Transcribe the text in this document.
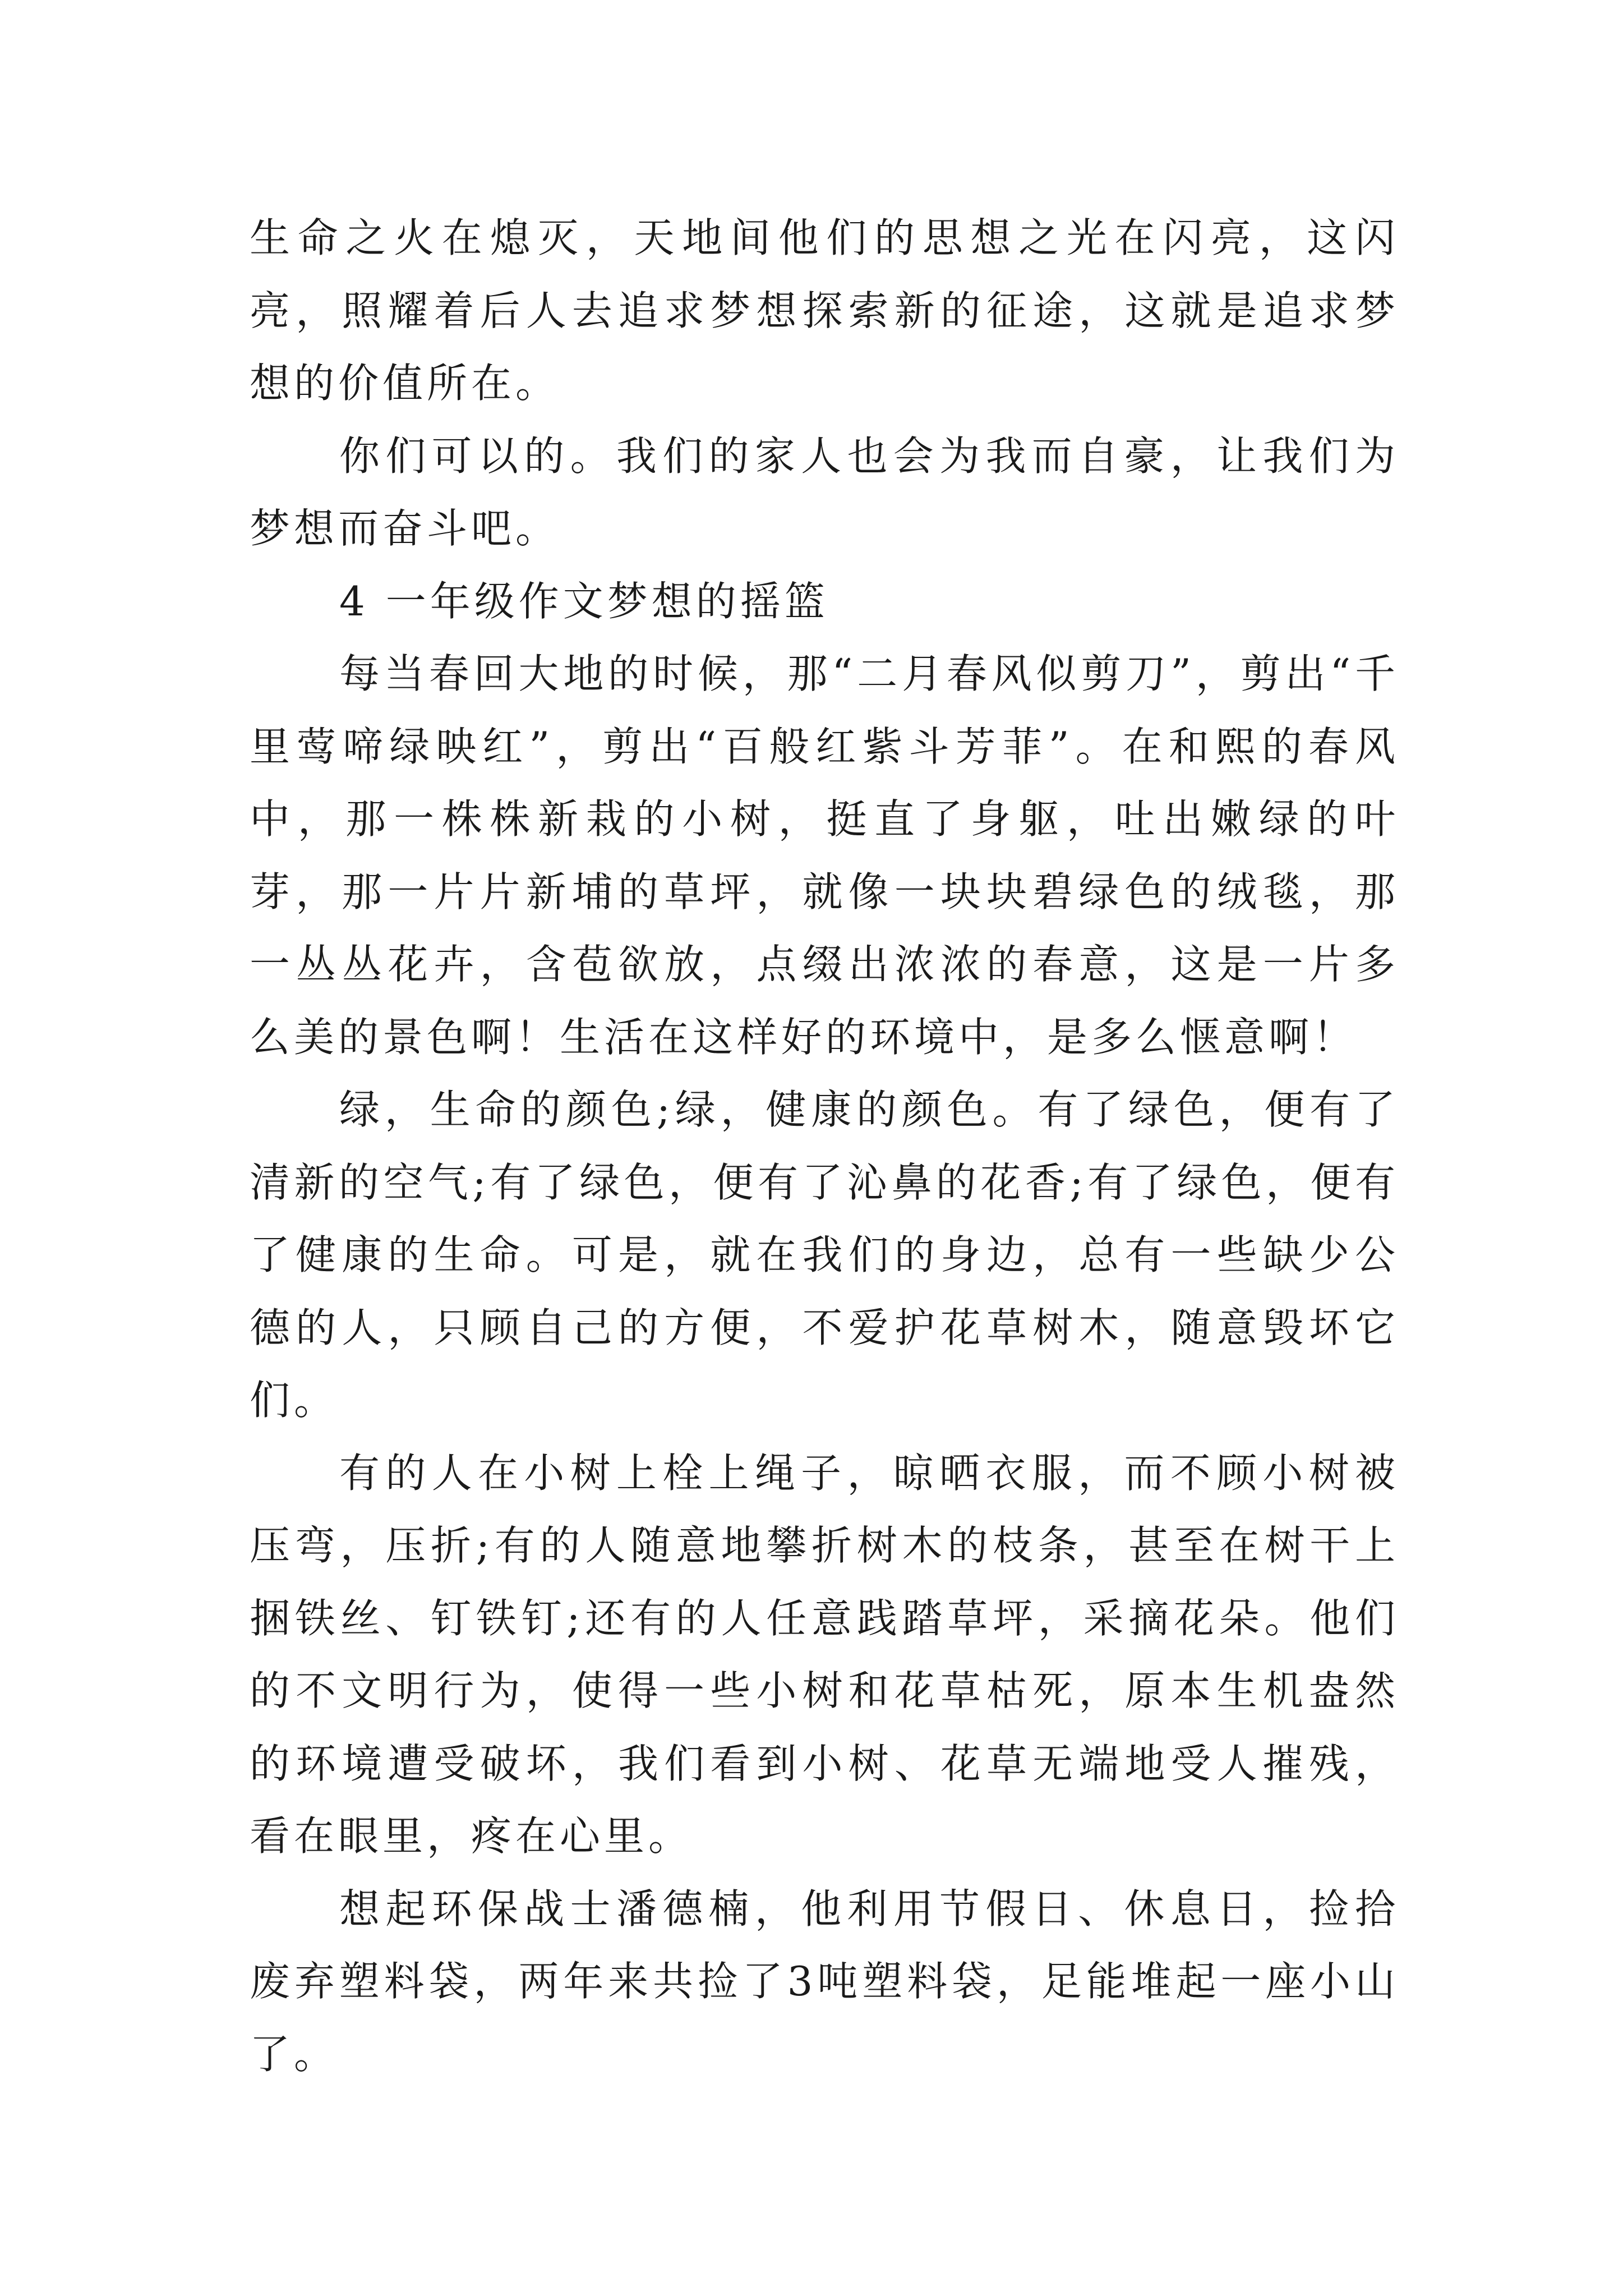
生命之火在熄灭，天地间他们的思想之光在闪亮，这闪亮，照耀着后人去追求梦想探索新的征途，这就是追求梦想的价值所在。

你们可以的。我们的家人也会为我而自豪，让我们为梦想而奋斗吧。

4 一年级作文梦想的摇篮

每当春回大地的时候，那“二月春风似剪刀”，剪出“千里莺啼绿映红”，剪出“百般红紫斗芳菲”。在和熙的春风中，那一株株新栽的小树，挺直了身躯，吐出嫩绿的叶芽，那一片片新埔的草坪，就像一块块碧绿色的绒毯，那一丛丛花卉，含苞欲放，点缀出浓浓的春意，这是一片多么美的景色啊！生活在这样好的环境中，是多么惬意啊！

绿，生命的颜色;绿，健康的颜色。有了绿色，便有了清新的空气;有了绿色，便有了沁鼻的花香;有了绿色，便有了健康的生命。可是，就在我们的身边，总有一些缺少公德的人，只顾自己的方便，不爱护花草树木，随意毁坏它们。

有的人在小树上栓上绳子，晾晒衣服，而不顾小树被压弯，压折;有的人随意地攀折树木的枝条，甚至在树干上捆铁丝、钉铁钉;还有的人任意践踏草坪，采摘花朵。他们的不文明行为，使得一些小树和花草枯死，原本生机盎然的环境遭受破坏，我们看到小树、花草无端地受人摧残，看在眼里，疼在心里。

想起环保战士潘德楠，他利用节假日、休息日，捡拾废弃塑料袋，两年来共捡了3吨塑料袋，足能堆起一座小山了。
